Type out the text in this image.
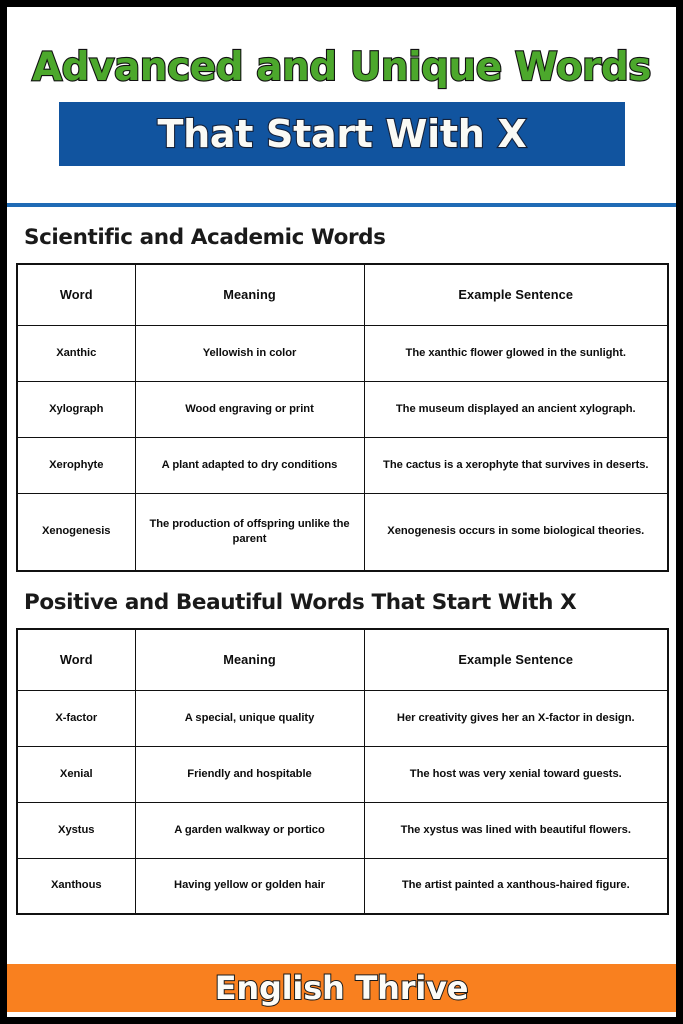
Advanced and Unique Words
That Start With X
Scientific and Academic Words
Word	Meaning	Example Sentence
Xanthic	Yellowish in color	The xanthic flower glowed in the sunlight.
Xylograph	Wood engraving or print	The museum displayed an ancient xylograph.
Xerophyte	A plant adapted to dry conditions	The cactus is a xerophyte that survives in deserts.
Xenogenesis	The production of offspring unlike the parent	Xenogenesis occurs in some biological theories.
Positive and Beautiful Words That Start With X
Word	Meaning	Example Sentence
X-factor	A special, unique quality	Her creativity gives her an X-factor in design.
Xenial	Friendly and hospitable	The host was very xenial toward guests.
Xystus	A garden walkway or portico	The xystus was lined with beautiful flowers.
Xanthous	Having yellow or golden hair	The artist painted a xanthous-haired figure.
English Thrive
